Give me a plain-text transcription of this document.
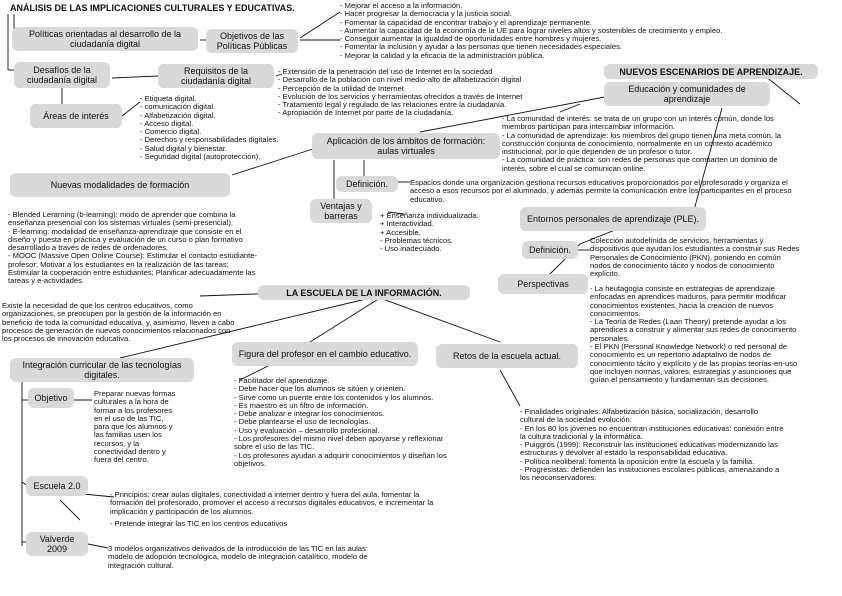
ANÁLISIS DE LAS IMPLICACIONES CULTURALES Y EDUCATIVAS.
NUEVOS ESCENARIOS DE APRENDIZAJE.
LA ESCUELA DE LA INFORMACIÓN.
Políticas orientadas al desarrollo de la ciudadanía digital
Objetivos de las Políticas Públicas
Desafíos de la ciudadanía digital
Requisitos de la ciudadanía digital
Áreas de interés
Aplicación de los ámbitos de formación: aulas virtuales
Definición.
Ventajas y barreras
Nuevas modalidades de formación
Educación y comunidades de aprendizaje
Entornos personales de aprendizaje (PLE).
Definición.
Perspectivas
Integración curricular de las tecnologías digitales.
Objetivo
Escuela 2.0
Valverde 2009
Figura del profesor en el cambio educativo.	Retos de la escuela actual.
- Mejorar el acceso a la información.
- Hacer progresar la democracia y la justicia social.
- Fomentar la capacidad de encontrar trabajo y el aprendizaje permanente.
- Aumentar la capacidad de la economía de la UE para lograr niveles altos y sostenibles de crecimiento y empleo.
- Conseguir aumentar la igualdad de oportunidades entre hombres y mujeres.
- Fomentar la inclusión y ayudar a las personas que tienen necesidades especiales.
- Mejorar la calidad y la eficacia de la administración pública.
- Extensión de la penetración del uso de Internet en la sociedad
- Desarrollo de la población con nivel medio-alto de alfabetización digital
- Percepción de la utilidad de Internet
- Evolución de los servicios y herramientas ofrecidos a través de Internet
- Tratamiento legal y regulado de las relaciones entre la ciudadanía.
- Apropiación de Internet por parte de la ciudadanía.
- Etiqueta digital.
- comunicación digital.
- Alfabetización digital.
- Acceso digital.
- Comercio digital.
- Derechos y responsabilidades digitales.
- Salud digital y bienestar.
- Seguridad digital (autoprotección).
- La comunidad de interés: se trata de un grupo con un interés común, donde los
miembros participan para intercambiar información.
- La comunidad de aprendizaje: los miembros del grupo tienen una meta común, la
construcción conjunta de conocimiento, normalmente en un contexto académico
institucional, por lo que dependen de un profesor o tutor.
- La comunidad de práctica: son redes de personas que comparten un dominio de
interés, sobre el cual se comunican online.
Espacios donde una organización gestiona recursos educativos proporcionados por el profesorado y organiza el
acceso a esos recursos por el alumnado, y además permite la comunicación entre los participantes en el proceso
educativo.
+ Enseñanza individualizada.
+ Interactividad.
+ Accesible.
- Problemas técnicos.
- Uso inadecuado.
- Blended Lerarning (b-learning): modo de aprender que combina la
enseñanza presencial con los sistemas virtuales (semi-presencial).
- E-learning: modalidad de enseñanza-aprendizaje que consiste en el
diseño y puesta en práctica y evaluación de un curso o plan formativo
desarrollado a través de redes de ordenadores.
- MOOC (Massive Open Online Course): Estimular el contacto estudiante-
profesor; Motivar a los estudiantes en la realización de las tareas;
Estimular la cooperación entre estudiantes; Planificar adecuadamente las
tareas y e-actividades.
Colección autodefinida de servicios, herramientas y
dispositivos que ayudan los estudiantes a construir sus Redes
Personales de Conocimiento (PKN), poniendo en común
nodos de conocimiento tácito y nodos de conocimiento
explícito.
- La heutagogía consiste en estrategias de aprendizaje
enfocadas en aprendices maduros, para permitir modificar
conocimientos existentes, hacia la creación de nuevos
conocimientos.
- La Teoría de Redes (Laan Theory) pretende ayudar a los
aprendices a construir y alimentar sus redes de conocimiento
personales.
- El PKN (Personal Knowledge Network) o red personal de
conocimiento es un repertorio adaptativo de nodos de
conocimiento tácito y explícito y de las propias teorías-en-uso
que incluyen normas, valores, estrategias y asunciones que
guían el pensamiento y fundamentan sus decisiones.
Existe la necesidad de que los centros educativos, como
organizaciones, se preocupen por la gestión de la información en
beneficio de toda la comunidad educativa, y, asimismo, lleven a cabo
procesos de generación de nuevos conocimientos relacionados con
los procesos de innovación educativa.
Preparar nuevas formas
culturales a la hora de
formar a los profesores
en el uso de las TIC,
para que los alumnos y
las familias usen los
recursos, y la
conectividad dentro y
fuera del centro.
- Facilitador del aprendizaje.
- Debe hacer que los alumnos se sitúen y orienten.
- Sirve como un puente entre los contenidos y los alumnos.
- Es maestro es un filtro de información.
- Debe analizar e integrar los conocimientos.
- Debe plantearse el uso de tecnologías.
- Uso y evaluación – desarrollo profesional.
- Los profesores del mismo nivel deben apoyarse y reflexionar
sobre el uso de las TIC.
- Los profesores ayudan a adquirir conocimientos y diseñan los
objetivos.
- Finalidades originales: Alfabetización básica, socialización, desarrollo
cultural de la sociedad evolución.
- En los 80 los jóvenes no encuentran instituciones educativas: conexión entre
la cultura tradicional y la informática.
- Puiggrós (1999): Reconstruir las instituciones educativas modernizando las
estructuras y devolver al estado la responsabilidad educativa.
- Política neoliberal: fomenta la oposición entre la escuela y la familia.
- Progresistas: defienden las instituciones escolares públicas, amenazando a
los neoconservadores.
- Principios: crear aulas digitales, conectividad a internet dentro y fuera del aula, fomentar la
formación del profesorado, promover el acceso a recursos digitales educativos, e incrementar la
implicación y participación de los alumnos.
- Pretende integrar las TIC en los centros educativos
3 modelos organizativos derivados de la introducción de las TIC en las aulas:
modelo de adopción tecnológica, modelo de integración catalítico, modelo de
integración cultural.
